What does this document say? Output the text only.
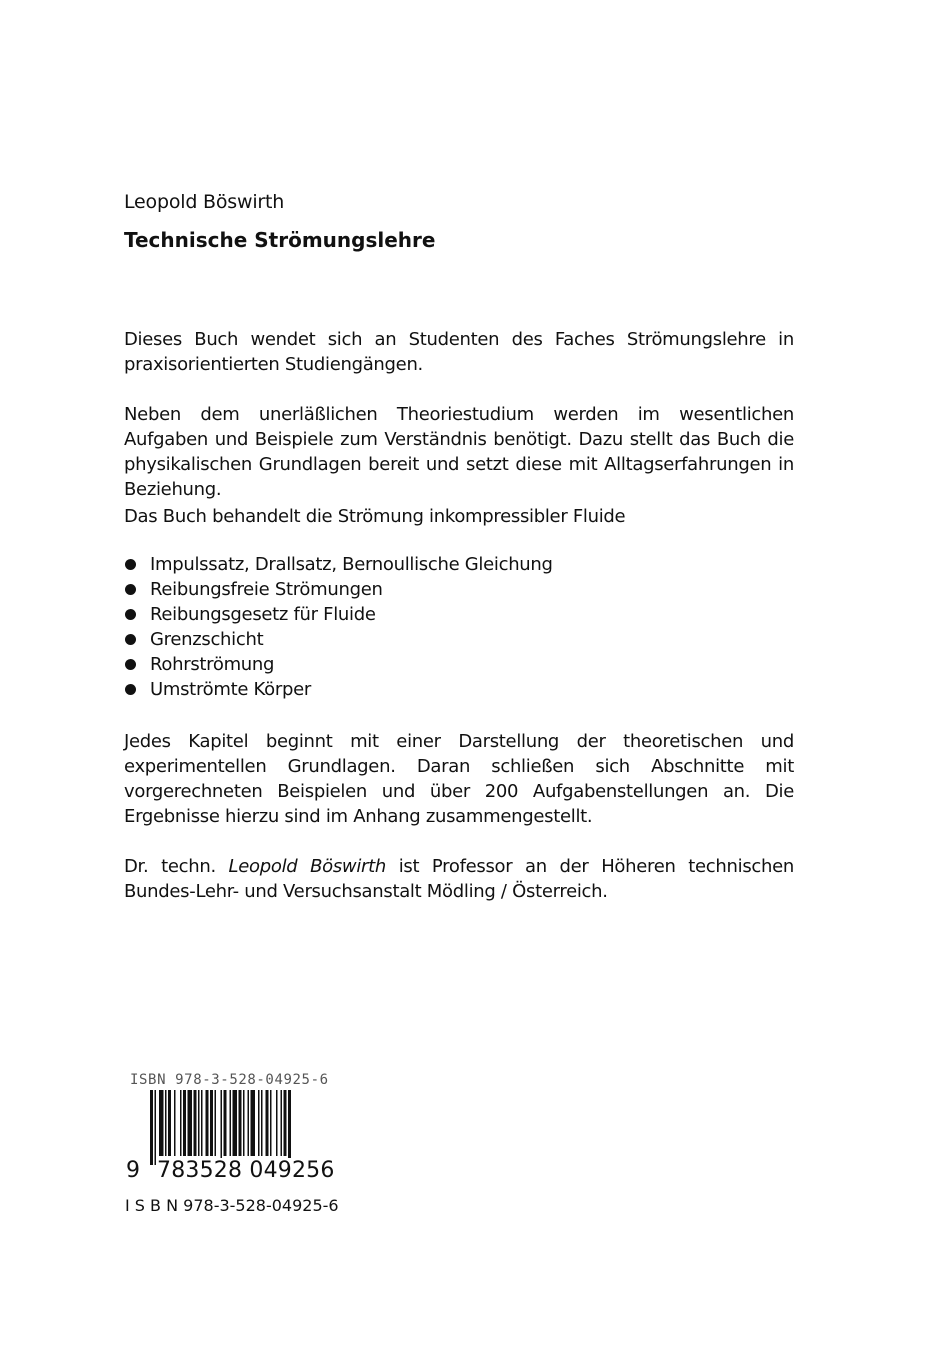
Leopold Böswirth
Technische Strömungslehre

Dieses Buch wendet sich an Studenten des Faches Strömungslehre in praxisorientierten Studiengängen.

Neben dem unerläßlichen Theoriestudium werden im wesentlichen Aufgaben und Beispiele zum Verständnis benötigt. Dazu stellt das Buch die physikalischen Grundlagen bereit und setzt diese mit Alltagserfahrungen in Beziehung.

Das Buch behandelt die Strömung inkompressibler Fluide

Impulssatz, Drallsatz, Bernoullische Gleichung
Reibungsfreie Strömungen
Reibungsgesetz für Fluide
Grenzschicht
Rohrströmung
Umströmte Körper

Jedes Kapitel beginnt mit einer Darstellung der theoretischen und experimentellen Grundlagen. Daran schließen sich Abschnitte mit vorgerechneten Beispielen und über 200 Aufgabenstellungen an. Die Ergebnisse hierzu sind im Anhang zusammengestellt.

Dr. techn. Leopold Böswirth ist Professor an der Höheren technischen Bundes-Lehr- und Versuchsanstalt Mödling / Österreich.

ISBN 978-3-528-04925-6
9 783528 049256
I S B N 978-3-528-04925-6
